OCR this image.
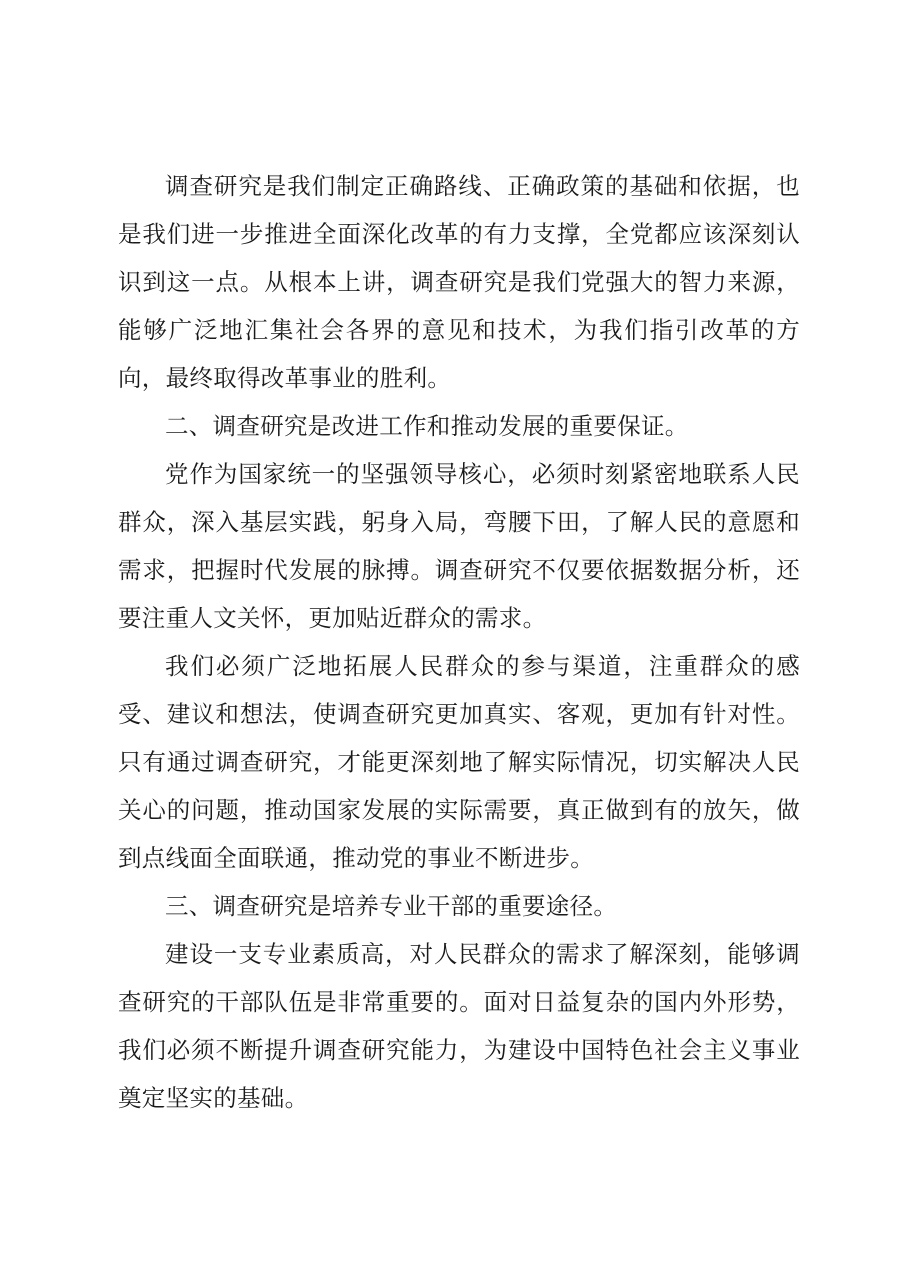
调查研究是我们制定正确路线、正确政策的基础和依据，也是我们进一步推进全面深化改革的有力支撑，全党都应该深刻认识到这一点。从根本上讲，调查研究是我们党强大的智力来源，能够广泛地汇集社会各界的意见和技术，为我们指引改革的方向，最终取得改革事业的胜利。

二、调查研究是改进工作和推动发展的重要保证。

党作为国家统一的坚强领导核心，必须时刻紧密地联系人民群众，深入基层实践，躬身入局，弯腰下田，了解人民的意愿和需求，把握时代发展的脉搏。调查研究不仅要依据数据分析，还要注重人文关怀，更加贴近群众的需求。

我们必须广泛地拓展人民群众的参与渠道，注重群众的感受、建议和想法，使调查研究更加真实、客观，更加有针对性。只有通过调查研究，才能更深刻地了解实际情况，切实解决人民关心的问题，推动国家发展的实际需要，真正做到有的放矢，做到点线面全面联通，推动党的事业不断进步。

三、调查研究是培养专业干部的重要途径。

建设一支专业素质高，对人民群众的需求了解深刻，能够调查研究的干部队伍是非常重要的。面对日益复杂的国内外形势，我们必须不断提升调查研究能力，为建设中国特色社会主义事业奠定坚实的基础。
